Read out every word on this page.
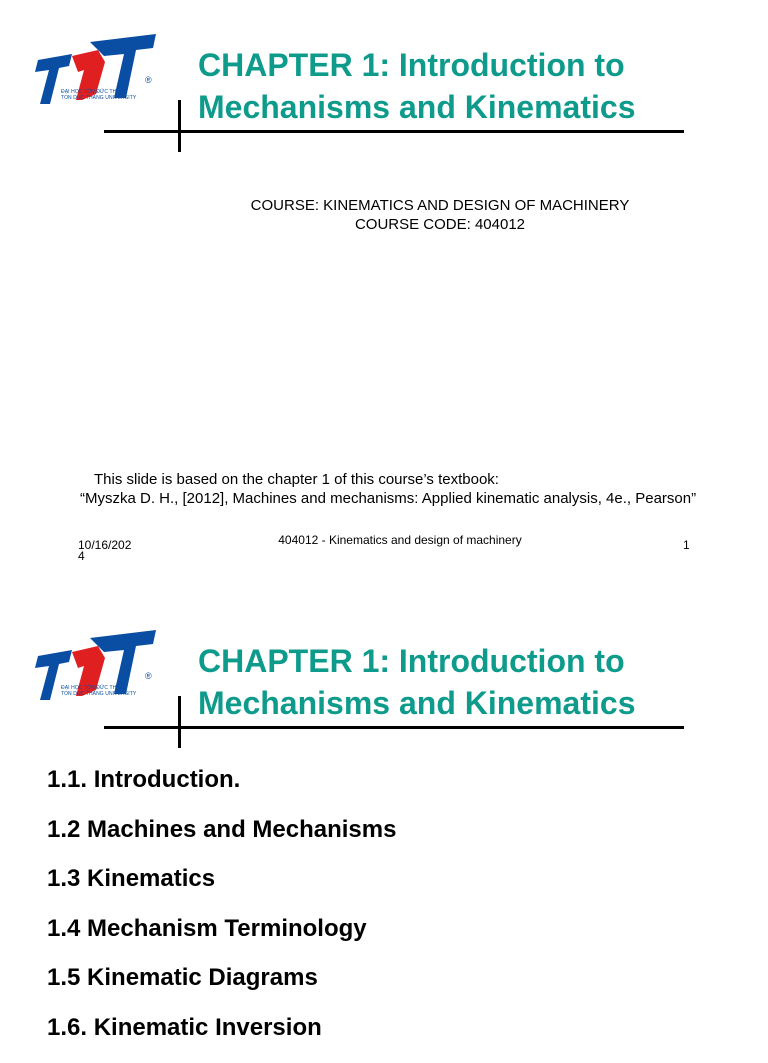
®
ĐẠI HỌC TÔN ĐỨC THẮNG
TON DUC THANG UNIVERSITY
CHAPTER 1: Introduction to
Mechanisms and Kinematics
COURSE: KINEMATICS AND DESIGN OF MACHINERY
COURSE CODE: 404012
This slide is based on the chapter 1 of this course’s textbook:
“Myszka D. H., [2012], Machines and mechanisms: Applied kinematic analysis, 4e., Pearson”
10/16/202
4
404012 - Kinematics and design of machinery	1
®
ĐẠI HỌC TÔN ĐỨC THẮNG
TON DUC THANG UNIVERSITY
CHAPTER 1: Introduction to
Mechanisms and Kinematics
1.1. Introduction.
1.2 Machines and Mechanisms
1.3 Kinematics
1.4 Mechanism Terminology
1.5 Kinematic Diagrams
1.6. Kinematic Inversion
